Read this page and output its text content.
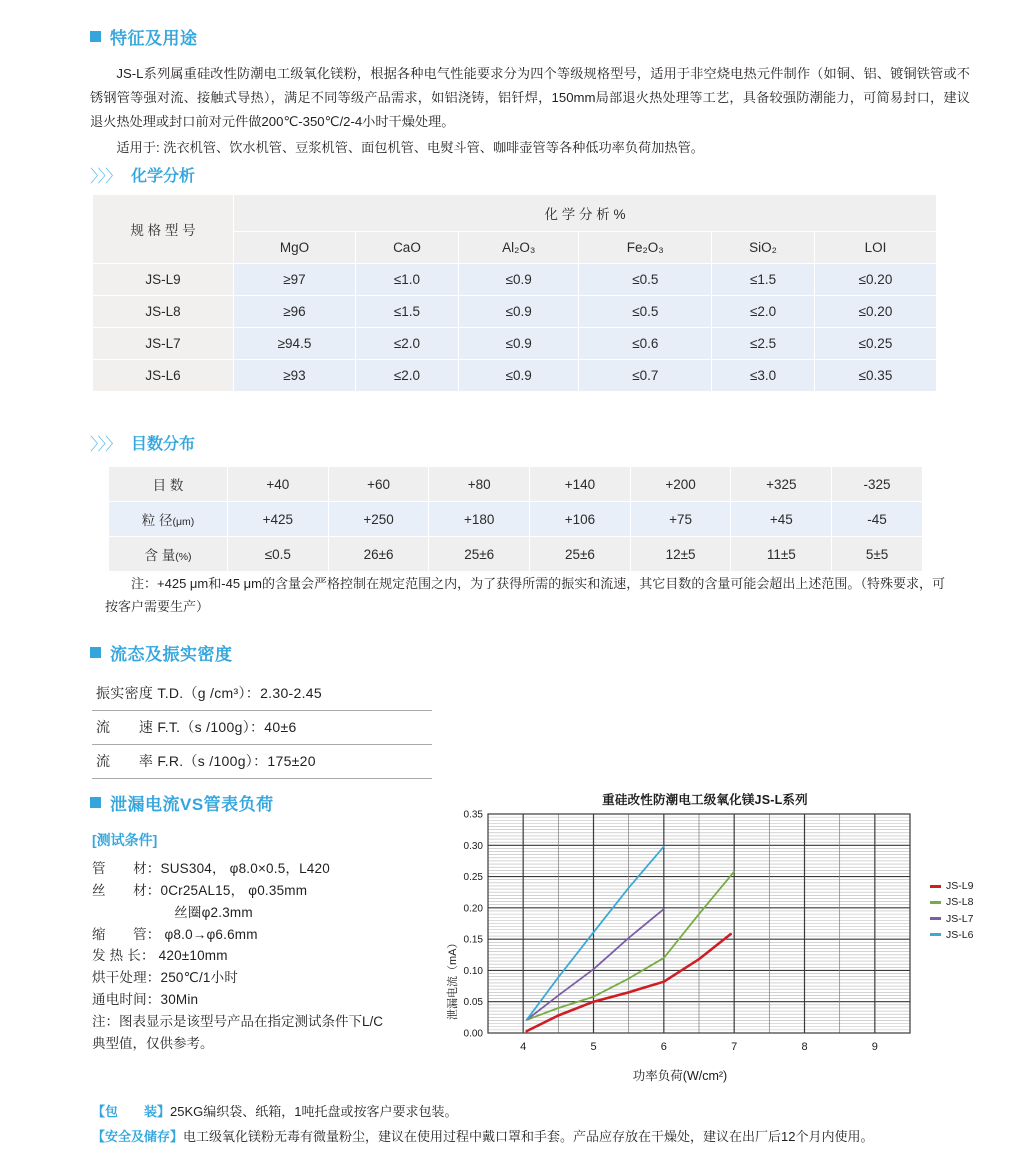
特征及用途
JS-L系列属重硅改性防潮电工级氧化镁粉，根据各种电气性能要求分为四个等级规格型号，适用于非空烧电热元件制作（如铜、铝、镀铜铁管或不锈钢管等强对流、接触式导热），满足不同等级产品需求，如铝浇铸，铝钎焊，150mm局部退火热处理等工艺，具备较强防潮能力，可简易封口，建议退火热处理或封口前对元件做200℃-350℃/2-4小时干燥处理。
适用于: 洗衣机管、饮水机管、豆浆机管、面包机管、电熨斗管、咖啡壶管等各种低功率负荷加热管。
〉〉〉 化学分析
规 格 型 号	化 学 分 析 %					
	MgO	CaO	Al₂O₃	Fe₂O₃	SiO₂	LOI
JS-L9	≥97	≤1.0	≤0.9	≤0.5	≤1.5	≤0.20
JS-L8	≥96	≤1.5	≤0.9	≤0.5	≤2.0	≤0.20
JS-L7	≥94.5	≤2.0	≤0.9	≤0.6	≤2.5	≤0.25
JS-L6	≥93	≤2.0	≤0.9	≤0.7	≤3.0	≤0.35
〉〉〉 目数分布
目 数	+40	+60	+80	+140	+200	+325	-325
粒 径(μm)	+425	+250	+180	+106	+75	+45	-45
含 量(%)	≤0.5	26±6	25±6	25±6	12±5	11±5	5±5
注：+425 μm和-45 μm的含量会严格控制在规定范围之内，为了获得所需的振实和流速，其它目数的含量可能会超出上述范围。（特殊要求，可按客户需要生产）
流态及振实密度
振实密度 T.D.（g /cm³）：2.30-2.45
流　　速 F.T.（s /100g）：40±6
流　　率 F.R.（s /100g）：175±20
泄漏电流VS管表负荷
[测试条件]
管　　材：SUS304， φ8.0×0.5，L420
丝　　材：0Cr25AL15， φ0.35mm
　　　　　　丝圈φ2.3mm
缩　　管： φ8.0→φ6.6mm
发 热 长： 420±10mm
烘干处理：250℃/1小时
通电时间：30Min
注：图表显示是该型号产品在指定测试条件下L/C典型值，仅供参考。
重硅改性防潮电工级氧化镁JS-L系列
泄漏电流（mA）
0.00
0.05
0.10
0.15
0.20
0.25
0.30
0.35
4	5	6	7	8	9
功率负荷(W/cm²)
JS-L9
JS-L8
JS-L7
JS-L6
【包　　装】25KG编织袋、纸箱，1吨托盘或按客户要求包装。
【安全及储存】电工级氧化镁粉无毒有微量粉尘，建议在使用过程中戴口罩和手套。产品应存放在干燥处，建议在出厂后12个月内使用。
